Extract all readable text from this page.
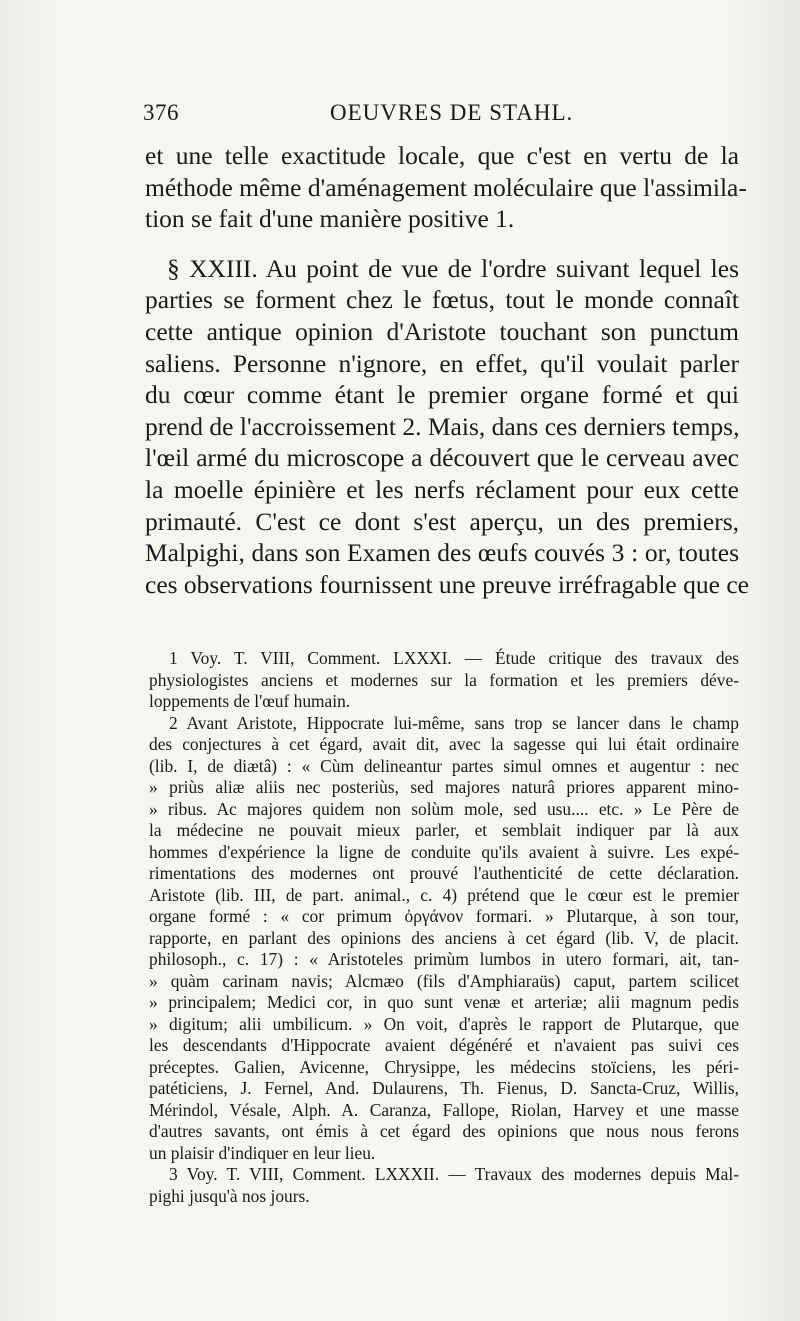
376	OEUVRES DE STAHL.

et une telle exactitude locale, que c'est en vertu de la
méthode même d'aménagement moléculaire que l'assimila-
tion se fait d'une manière positive 1.

§ XXIII. Au point de vue de l'ordre suivant lequel les
parties se forment chez le fœtus, tout le monde connaît
cette antique opinion d'Aristote touchant son punctum
saliens. Personne n'ignore, en effet, qu'il voulait parler
du cœur comme étant le premier organe formé et qui
prend de l'accroissement 2. Mais, dans ces derniers temps,
l'œil armé du microscope a découvert que le cerveau avec
la moelle épinière et les nerfs réclament pour eux cette
primauté. C'est ce dont s'est aperçu, un des premiers,
Malpighi, dans son Examen des œufs couvés 3 : or, toutes
ces observations fournissent une preuve irréfragable que ce

1 Voy. T. VIII, Comment. LXXXI. — Étude critique des travaux des
physiologistes anciens et modernes sur la formation et les premiers déve-
loppements de l'œuf humain.
2 Avant Aristote, Hippocrate lui-même, sans trop se lancer dans le champ
des conjectures à cet égard, avait dit, avec la sagesse qui lui était ordinaire
(lib. I, de diætâ) : « Cùm delineantur partes simul omnes et augentur : nec
» priùs aliæ aliis nec posteriùs, sed majores naturâ priores apparent mino-
» ribus. Ac majores quidem non solùm mole, sed usu.... etc. » Le Père de
la médecine ne pouvait mieux parler, et semblait indiquer par là aux
hommes d'expérience la ligne de conduite qu'ils avaient à suivre. Les expé-
rimentations des modernes ont prouvé l'authenticité de cette déclaration.
Aristote (lib. III, de part. animal., c. 4) prétend que le cœur est le premier
organe formé : « cor primum ὀργάνον formari. » Plutarque, à son tour,
rapporte, en parlant des opinions des anciens à cet égard (lib. V, de placit.
philosoph., c. 17) : « Aristoteles primùm lumbos in utero formari, ait, tan-
» quàm carinam navis; Alcmæo (fils d'Amphiaraüs) caput, partem scilicet
» principalem; Medici cor, in quo sunt venæ et arteriæ; alii magnum pedis
» digitum; alii umbilicum. » On voit, d'après le rapport de Plutarque, que
les descendants d'Hippocrate avaient dégénéré et n'avaient pas suivi ces
préceptes. Galien, Avicenne, Chrysippe, les médecins stoïciens, les péri-
patéticiens, J. Fernel, And. Dulaurens, Th. Fienus, D. Sancta-Cruz, Willis,
Mérindol, Vésale, Alph. A. Caranza, Fallope, Riolan, Harvey et une masse
d'autres savants, ont émis à cet égard des opinions que nous nous ferons
un plaisir d'indiquer en leur lieu.
3 Voy. T. VIII, Comment. LXXXII. — Travaux des modernes depuis Mal-
pighi jusqu'à nos jours.
